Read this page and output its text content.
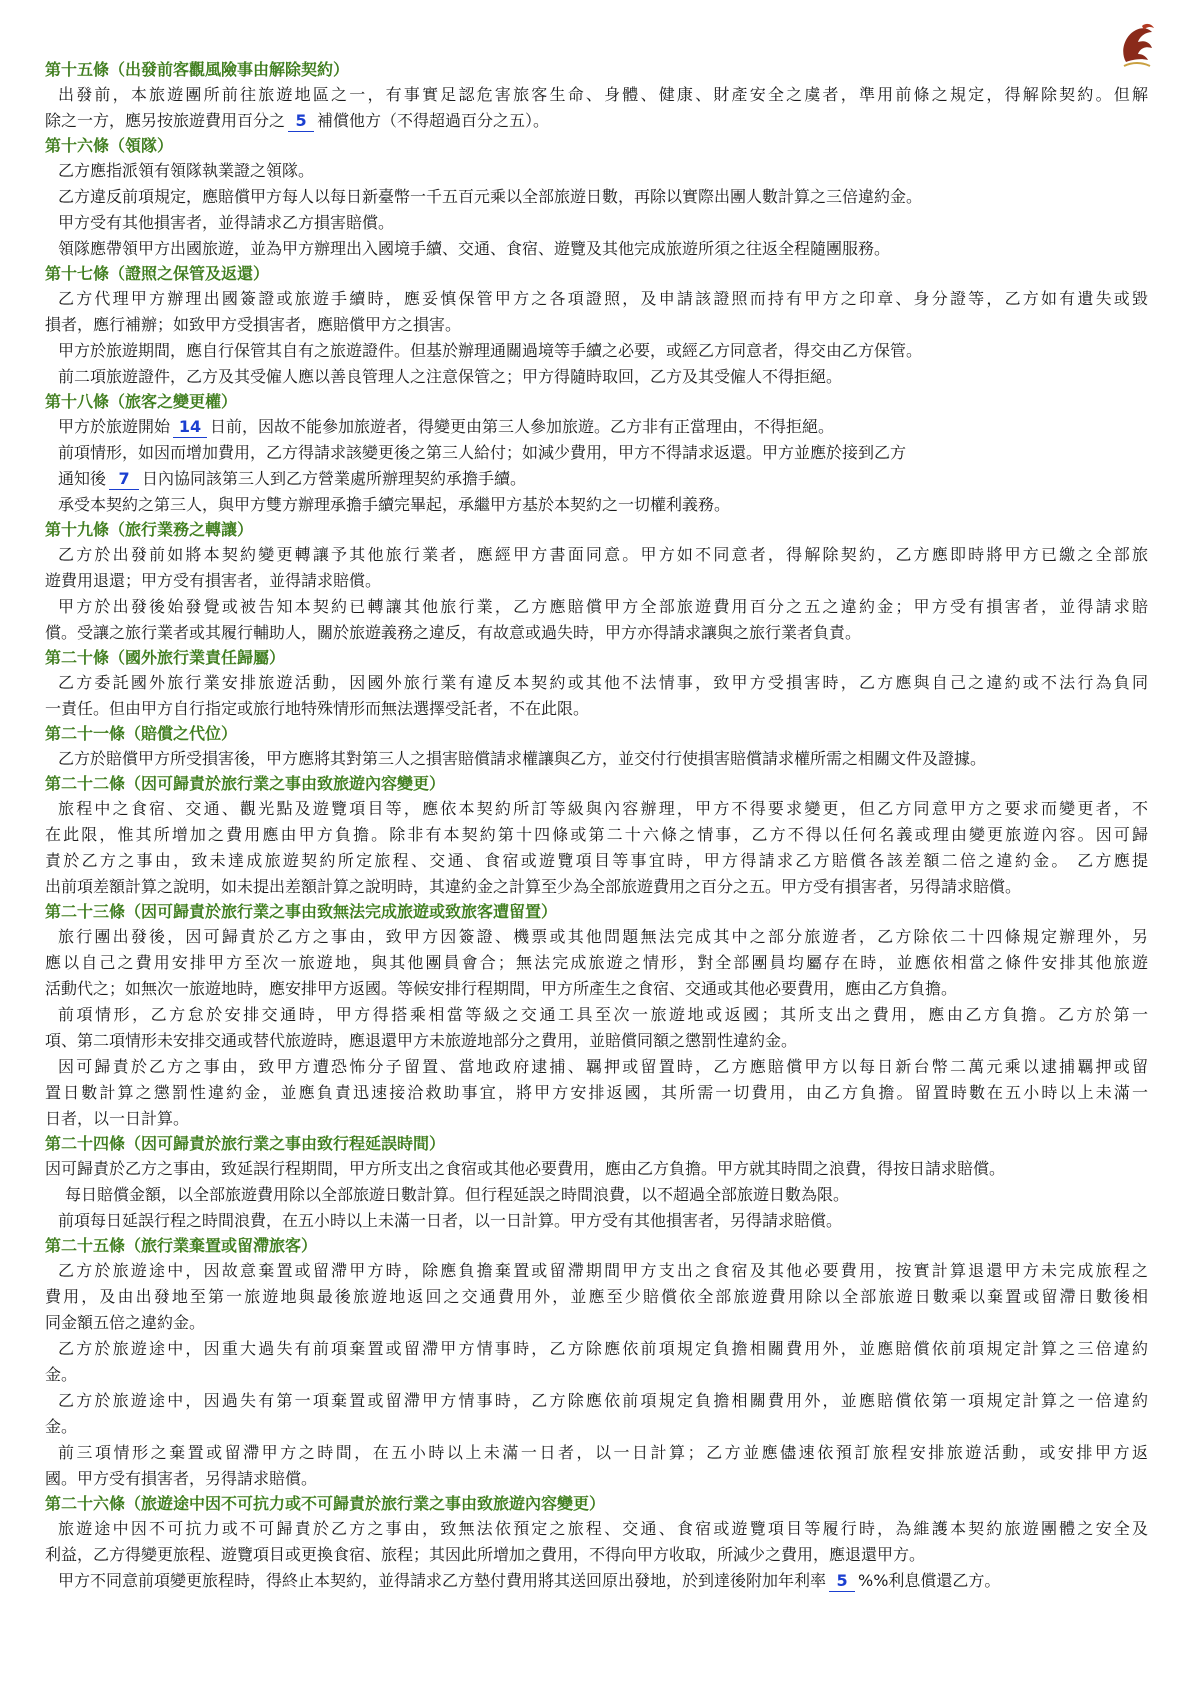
第十五條（出發前客觀風險事由解除契約）
出發前，本旅遊團所前往旅遊地區之一，有事實足認危害旅客生命、身體、健康、財產安全之虞者，準用前條之規定，得解除契約。但解
除之一方，應另按旅遊費用百分之 5 補償他方（不得超過百分之五）。
第十六條（領隊）
乙方應指派領有領隊執業證之領隊。
乙方違反前項規定，應賠償甲方每人以每日新臺幣一千五百元乘以全部旅遊日數，再除以實際出團人數計算之三倍違約金。
甲方受有其他損害者，並得請求乙方損害賠償。
領隊應帶領甲方出國旅遊，並為甲方辦理出入國境手續、交通、食宿、遊覽及其他完成旅遊所須之往返全程隨團服務。
第十七條（證照之保管及返還）
乙方代理甲方辦理出國簽證或旅遊手續時，應妥慎保管甲方之各項證照，及申請該證照而持有甲方之印章、身分證等，乙方如有遺失或毀
損者，應行補辦；如致甲方受損害者，應賠償甲方之損害。
甲方於旅遊期間，應自行保管其自有之旅遊證件。但基於辦理通關過境等手續之必要，或經乙方同意者，得交由乙方保管。
前二項旅遊證件，乙方及其受僱人應以善良管理人之注意保管之；甲方得隨時取回，乙方及其受僱人不得拒絕。
第十八條（旅客之變更權）
甲方於旅遊開始 14 日前，因故不能參加旅遊者，得變更由第三人參加旅遊。乙方非有正當理由，不得拒絕。
前項情形，如因而增加費用，乙方得請求該變更後之第三人給付；如減少費用，甲方不得請求返還。甲方並應於接到乙方
通知後 7 日內協同該第三人到乙方營業處所辦理契約承擔手續。
承受本契約之第三人，與甲方雙方辦理承擔手續完畢起，承繼甲方基於本契約之一切權利義務。
第十九條（旅行業務之轉讓）
乙方於出發前如將本契約變更轉讓予其他旅行業者，應經甲方書面同意。甲方如不同意者，得解除契約，乙方應即時將甲方已繳之全部旅
遊費用退還；甲方受有損害者，並得請求賠償。
甲方於出發後始發覺或被告知本契約已轉讓其他旅行業，乙方應賠償甲方全部旅遊費用百分之五之違約金；甲方受有損害者，並得請求賠
償。受讓之旅行業者或其履行輔助人，關於旅遊義務之違反，有故意或過失時，甲方亦得請求讓與之旅行業者負責。
第二十條（國外旅行業責任歸屬）
乙方委託國外旅行業安排旅遊活動，因國外旅行業有違反本契約或其他不法情事，致甲方受損害時，乙方應與自己之違約或不法行為負同
一責任。但由甲方自行指定或旅行地特殊情形而無法選擇受託者，不在此限。
第二十一條（賠償之代位）
乙方於賠償甲方所受損害後，甲方應將其對第三人之損害賠償請求權讓與乙方，並交付行使損害賠償請求權所需之相關文件及證據。
第二十二條（因可歸責於旅行業之事由致旅遊內容變更）
旅程中之食宿、交通、觀光點及遊覽項目等，應依本契約所訂等級與內容辦理，甲方不得要求變更，但乙方同意甲方之要求而變更者，不
在此限，惟其所增加之費用應由甲方負擔。除非有本契約第十四條或第二十六條之情事，乙方不得以任何名義或理由變更旅遊內容。因可歸
責於乙方之事由，致未達成旅遊契約所定旅程、交通、食宿或遊覽項目等事宜時，甲方得請求乙方賠償各該差額二倍之違約金。 乙方應提
出前項差額計算之說明，如未提出差額計算之說明時，其違約金之計算至少為全部旅遊費用之百分之五。甲方受有損害者，另得請求賠償。
第二十三條（因可歸責於旅行業之事由致無法完成旅遊或致旅客遭留置）
旅行團出發後，因可歸責於乙方之事由，致甲方因簽證、機票或其他問題無法完成其中之部分旅遊者，乙方除依二十四條規定辦理外，另
應以自己之費用安排甲方至次一旅遊地，與其他團員會合；無法完成旅遊之情形，對全部團員均屬存在時，並應依相當之條件安排其他旅遊
活動代之；如無次一旅遊地時，應安排甲方返國。等候安排行程期間，甲方所產生之食宿、交通或其他必要費用，應由乙方負擔。
前項情形，乙方怠於安排交通時，甲方得搭乘相當等級之交通工具至次一旅遊地或返國；其所支出之費用，應由乙方負擔。乙方於第一
項、第二項情形未安排交通或替代旅遊時，應退還甲方未旅遊地部分之費用，並賠償同額之懲罰性違約金。
因可歸責於乙方之事由，致甲方遭恐怖分子留置、當地政府逮捕、羈押或留置時，乙方應賠償甲方以每日新台幣二萬元乘以逮捕羈押或留
置日數計算之懲罰性違約金，並應負責迅速接洽救助事宜，將甲方安排返國，其所需一切費用，由乙方負擔。留置時數在五小時以上未滿一
日者，以一日計算。
第二十四條（因可歸責於旅行業之事由致行程延誤時間）
因可歸責於乙方之事由，致延誤行程期間，甲方所支出之食宿或其他必要費用，應由乙方負擔。甲方就其時間之浪費，得按日請求賠償。
每日賠償金額，以全部旅遊費用除以全部旅遊日數計算。但行程延誤之時間浪費，以不超過全部旅遊日數為限。
前項每日延誤行程之時間浪費，在五小時以上未滿一日者，以一日計算。甲方受有其他損害者，另得請求賠償。
第二十五條（旅行業棄置或留滯旅客）
乙方於旅遊途中，因故意棄置或留滯甲方時，除應負擔棄置或留滯期間甲方支出之食宿及其他必要費用，按實計算退還甲方未完成旅程之
費用，及由出發地至第一旅遊地與最後旅遊地返回之交通費用外，並應至少賠償依全部旅遊費用除以全部旅遊日數乘以棄置或留滯日數後相
同金額五倍之違約金。
乙方於旅遊途中，因重大過失有前項棄置或留滯甲方情事時，乙方除應依前項規定負擔相關費用外，並應賠償依前項規定計算之三倍違約
金。
乙方於旅遊途中，因過失有第一項棄置或留滯甲方情事時，乙方除應依前項規定負擔相關費用外，並應賠償依第一項規定計算之一倍違約
金。
前三項情形之棄置或留滯甲方之時間，在五小時以上未滿一日者，以一日計算；乙方並應儘速依預訂旅程安排旅遊活動，或安排甲方返
國。甲方受有損害者，另得請求賠償。
第二十六條（旅遊途中因不可抗力或不可歸責於旅行業之事由致旅遊內容變更）
旅遊途中因不可抗力或不可歸責於乙方之事由，致無法依預定之旅程、交通、食宿或遊覽項目等履行時，為維護本契約旅遊團體之安全及
利益，乙方得變更旅程、遊覽項目或更換食宿、旅程；其因此所增加之費用，不得向甲方收取，所減少之費用，應退還甲方。
甲方不同意前項變更旅程時，得終止本契約，並得請求乙方墊付費用將其送回原出發地，於到達後附加年利率 5 %%利息償還乙方。
